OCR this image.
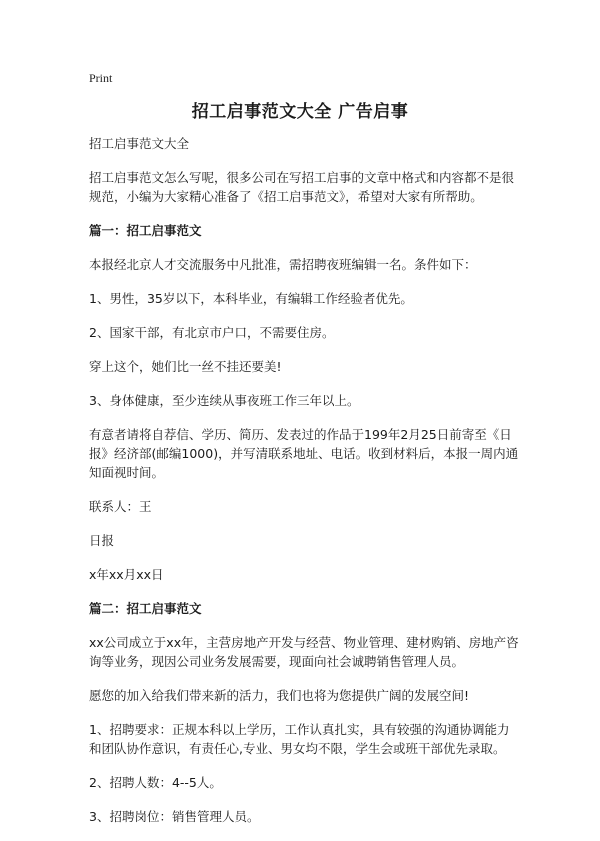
Print
招工启事范文大全 广告启事
招工启事范文大全
招工启事范文怎么写呢，很多公司在写招工启事的文章中格式和内容都不是很规范，小编为大家精心准备了《招工启事范文》，希望对大家有所帮助。
篇一：招工启事范文
本报经北京人才交流服务中凡批准，需招聘夜班编辑一名。条件如下：
1、男性，35岁以下，本科毕业，有编辑工作经验者优先。
2、国家干部，有北京市户口，不需要住房。
穿上这个，她们比一丝不挂还要美!
3、身体健康，至少连续从事夜班工作三年以上。
有意者请将自荐信、学历、简历、发表过的作品于199年2月25日前寄至《日报》经济部(邮编1000)，并写清联系地址、电话。收到材料后，本报一周内通知面视时间。
联系人：王
日报
x年xx月xx日
篇二：招工启事范文
xx公司成立于xx年，主营房地产开发与经营、物业管理、建材购销、房地产咨询等业务，现因公司业务发展需要，现面向社会诚聘销售管理人员。
愿您的加入给我们带来新的活力，我们也将为您提供广阔的发展空间!
1、招聘要求：正规本科以上学历，工作认真扎实，具有较强的沟通协调能力和团队协作意识，有责任心,专业、男女均不限，学生会或班干部优先录取。
2、招聘人数：4--5人。
3、招聘岗位：销售管理人员。
